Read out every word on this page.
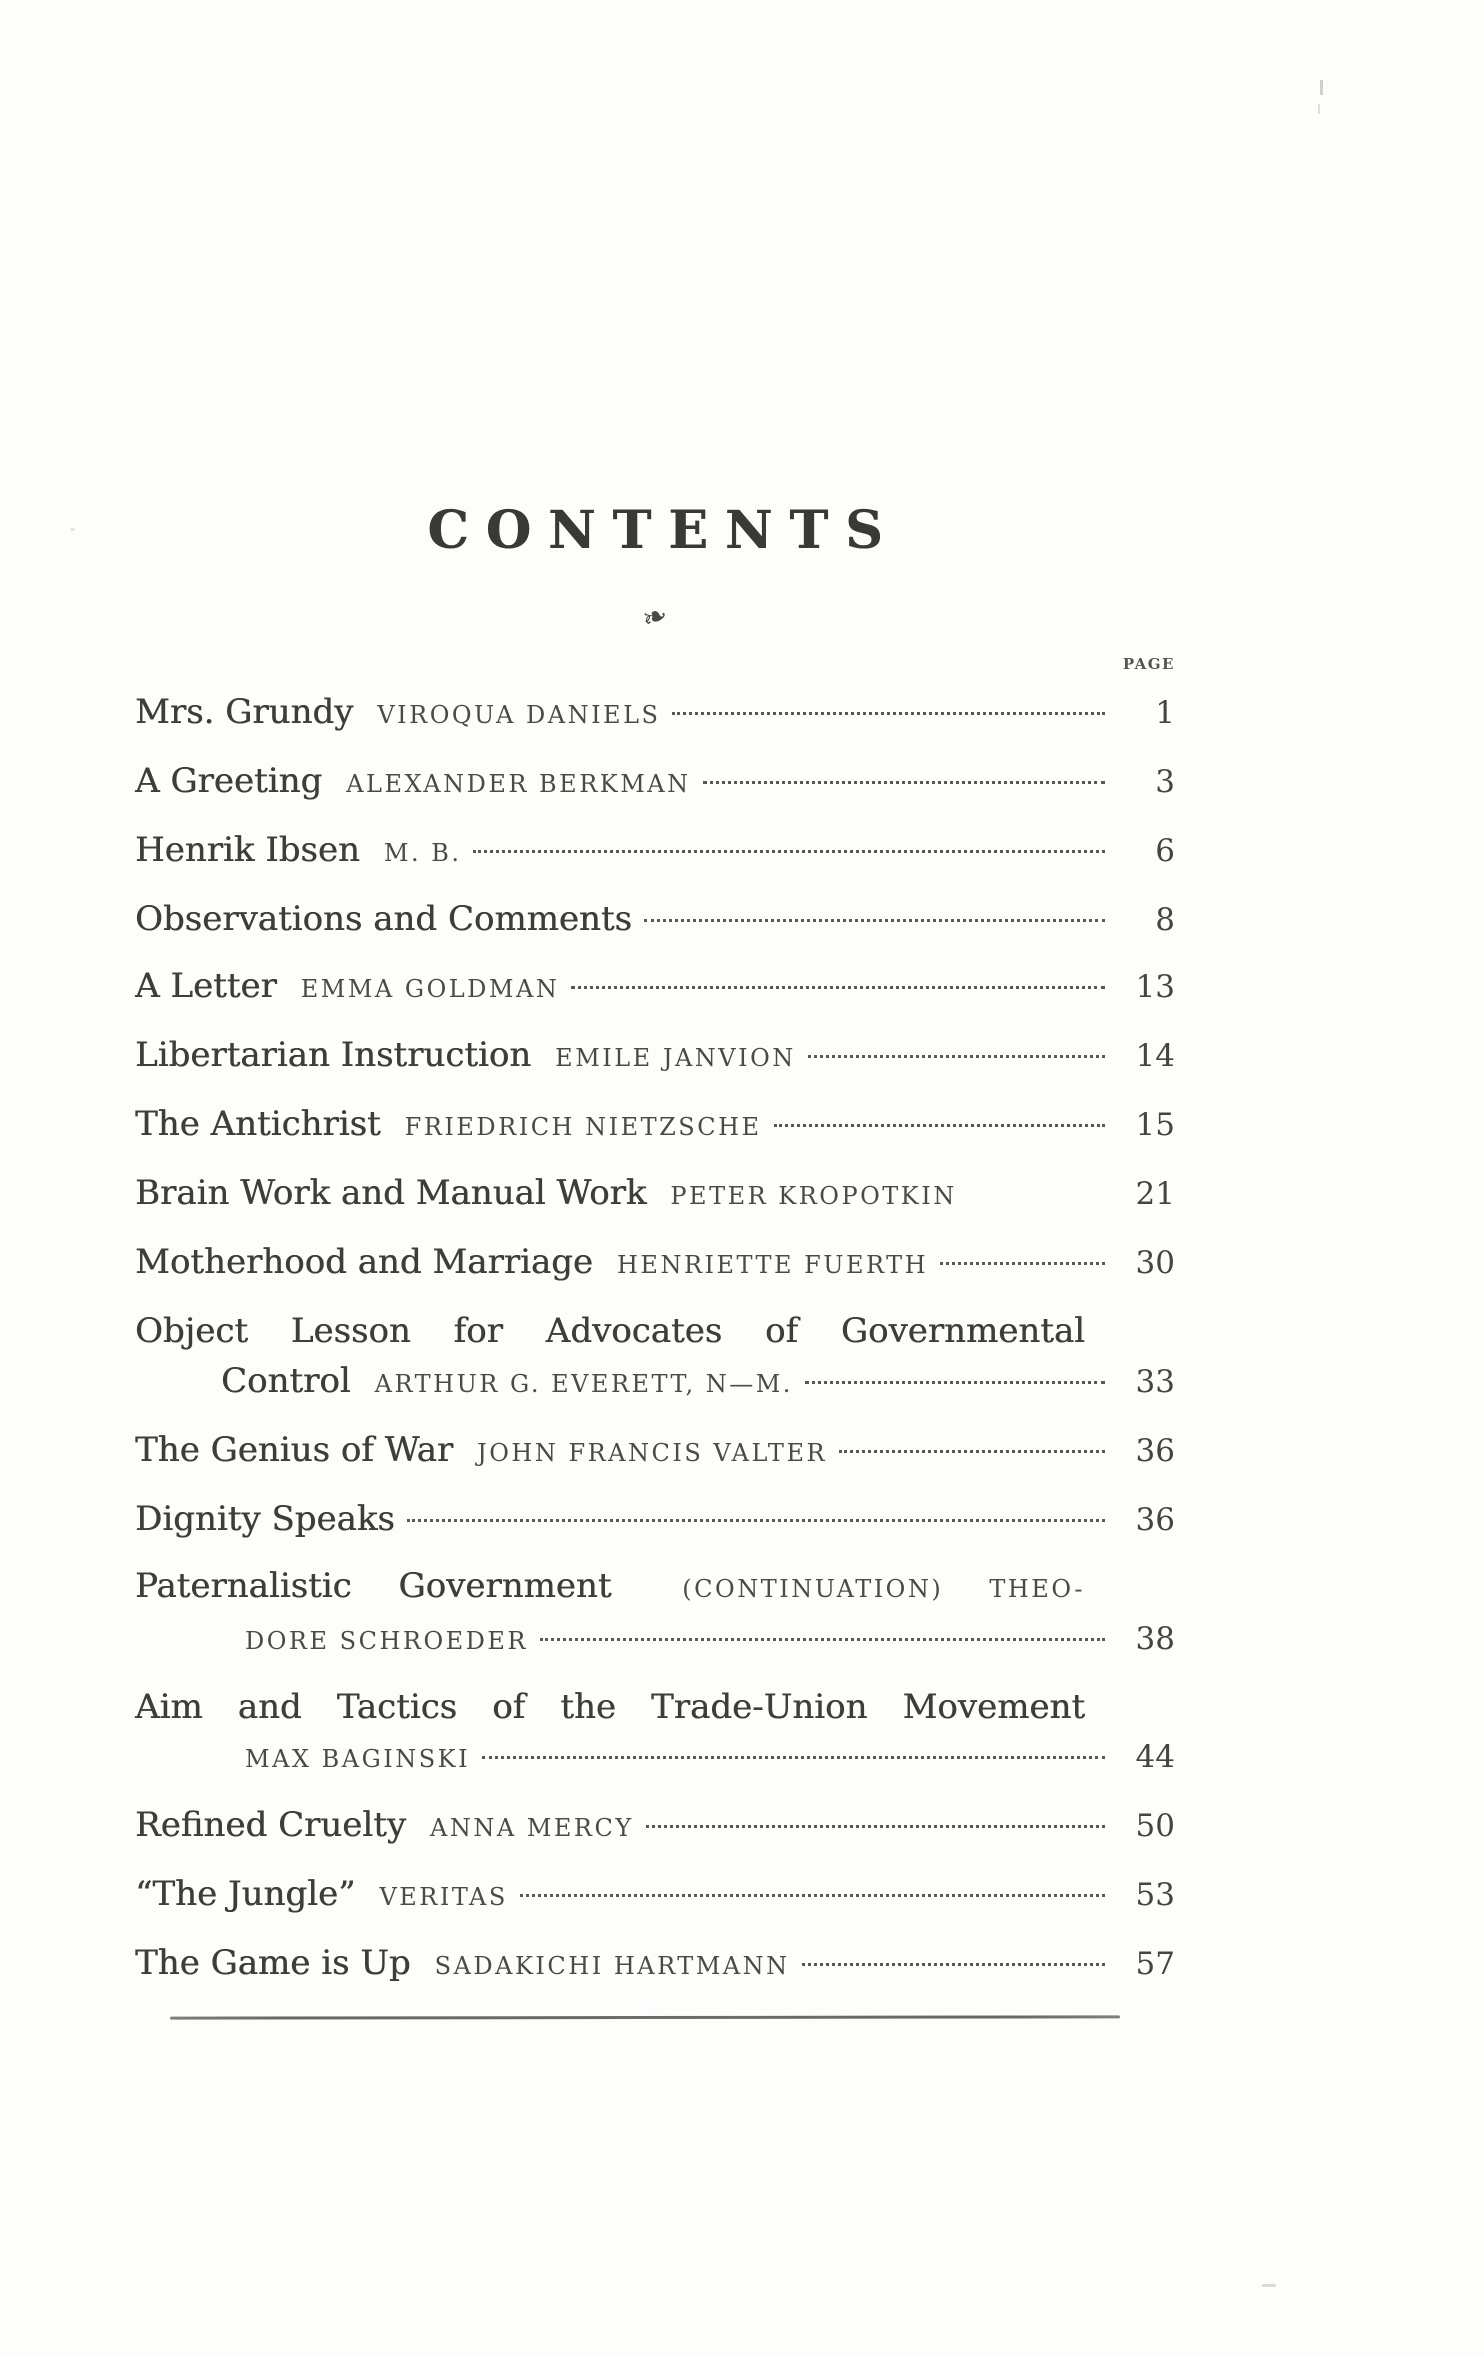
CONTENTS
❧
PAGE
Mrs. Grundy VIROQUA DANIELS	1
A Greeting ALEXANDER BERKMAN	3
Henrik Ibsen M. B.	6
Observations and Comments	8
A Letter EMMA GOLDMAN	13
Libertarian Instruction EMILE JANVION	14
The Antichrist FRIEDRICH NIETZSCHE	15
Brain Work and Manual Work PETER KROPOTKIN	21
Motherhood and Marriage HENRIETTE FUERTH	30
Object Lesson for Advocates of Governmental
Control ARTHUR G. EVERETT, N—M.	33
The Genius of War JOHN FRANCIS VALTER	36
Dignity Speaks	36
Paternalistic Government	(CONTINUATION) THEO-
DORE SCHROEDER	38
Aim and Tactics of the Trade-Union Movement
MAX BAGINSKI	44
Refined Cruelty ANNA MERCY	50
“The Jungle” VERITAS	53
The Game is Up SADAKICHI HARTMANN	57
